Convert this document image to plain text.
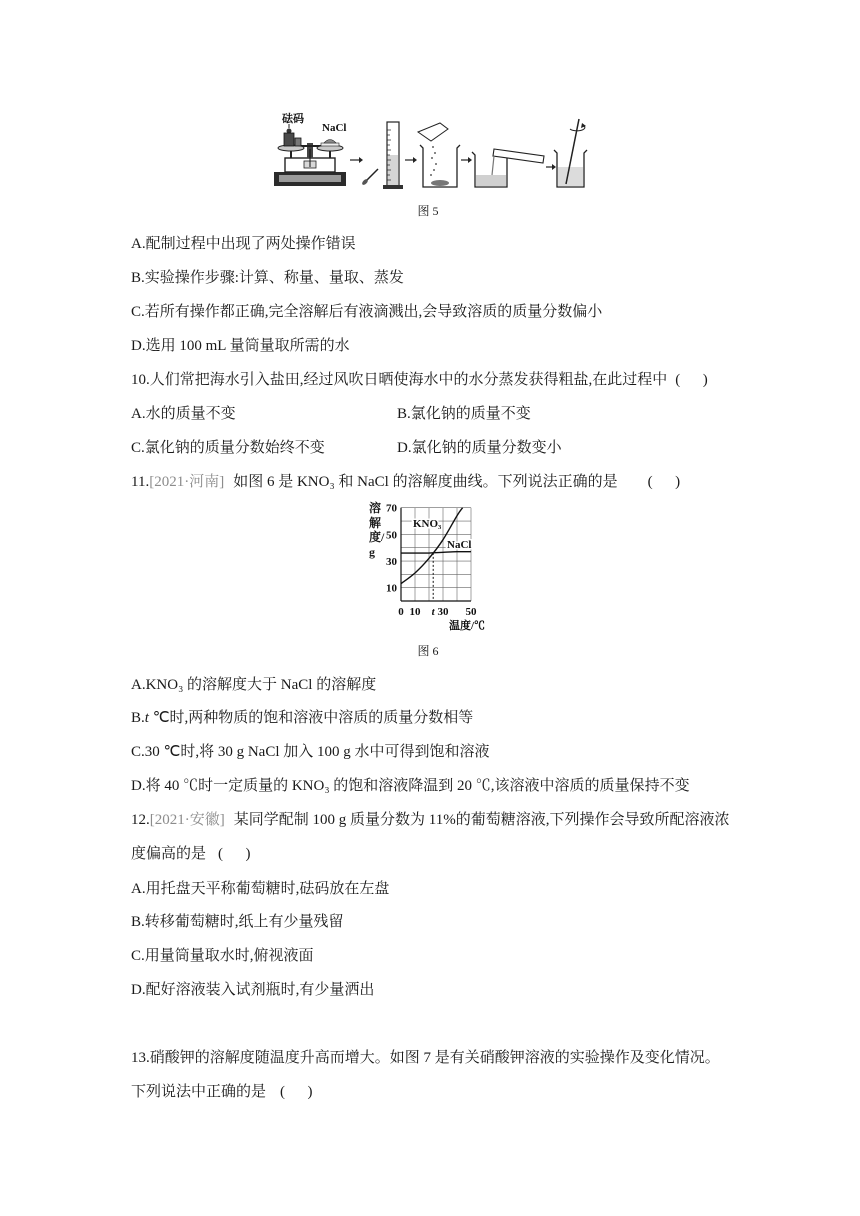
砝码
NaCl
图 5
A.配制过程中出现了两处操作错误
B.实验操作步骤:计算、称量、量取、蒸发
C.若所有操作都正确,完全溶解后有液滴溅出,会导致溶质的质量分数偏小
D.选用 100 mL 量筒量取所需的水
10.人们常把海水引入盐田,经过风吹日晒使海水中的水分蒸发获得粗盐,在此过程中 (      )
A.水的质量不变	B.氯化钠的质量不变
C.氯化钠的质量分数始终不变	D.氯化钠的质量分数变小
11.[2021·河南] 如图 6 是 KNO₃ 和 NaCl 的溶解度曲线。下列说法正确的是 (      )
0 10 t 30 50
10
30
50
70
KNO₃
NaCl
温度/℃
溶解度/g
图 6
A.KNO₃ 的溶解度大于 NaCl 的溶解度
B.t ℃时,两种物质的饱和溶液中溶质的质量分数相等
C.30 ℃时,将 30 g NaCl 加入 100 g 水中可得到饱和溶液
D.将 40 ℃时一定质量的 KNO₃ 的饱和溶液降温到 20 ℃,该溶液中溶质的质量保持不变
12.[2021·安徽] 某同学配制 100 g 质量分数为 11%的葡萄糖溶液,下列操作会导致所配溶液浓
度偏高的是 (      )
A.用托盘天平称葡萄糖时,砝码放在左盘
B.转移葡萄糖时,纸上有少量残留
C.用量筒量取水时,俯视液面
D.配好溶液装入试剂瓶时,有少量洒出
13.硝酸钾的溶解度随温度升高而增大。如图 7 是有关硝酸钾溶液的实验操作及变化情况。
下列说法中正确的是 (      )
